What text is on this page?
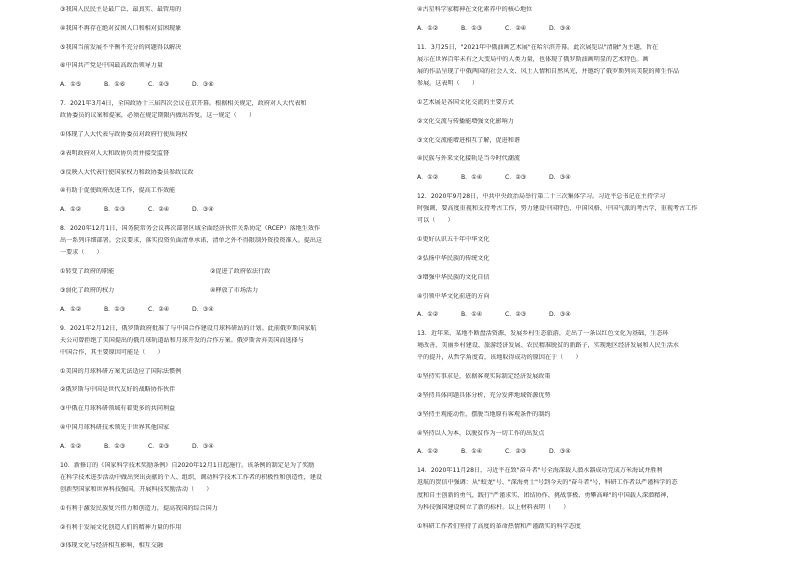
③我国人民民主是最广泛、最真实、最管用的
④我国不再存在绝对贫困人口和相对贫困现象
⑤我国当前发展不平衡不充分的问题得以解决
⑥中国共产党是中国最高政治领导力量
A．①⑤	B．①⑥	C．②③	D．③⑥
7．2021年3月4日，全国政协十三届四次会议在京开幕。根据相关规定，政府对人大代表和
政协委员的议案和提案，必须在规定期限内做出答复。这一规定（　　）
①体现了人大代表与政协委员对政府行使质询权
②表明政府对人大和政协负责并接受监督
③反映人大代表行使国家权力和政协委员参政议政
④有助于促使政府改进工作，提高工作效能
A．①②	B．①③	C．②④	D．③④
8．2020年12月1日，国务院常务会议再次部署区域全面经济伙伴关系协定（RCEP）落地生效作
出一系列详细部署。会议要求，落实投资负面清单承诺，清单之外不得限制外资投资准入。提出这
一要求（　　）
①转变了政府的职能	②促进了政府依法行政
③弱化了政府的权力	④释放了市场活力
A．①②	B．①③	C．②④	D．③④
9．2021年2月12日，俄罗斯政府批准了与中国合作建设月球科研站的计划。此前俄罗斯国家航
天公司曾拒绝了美国提出的俄月球轨道站和月球开发的合作方案。俄罗斯舍弃美国而选择与
中国合作，其主要原因可能是（　　）
①美国的月球科研方案无法适应了国际法惯例
②俄罗斯与中国是世代友好的战略协作伙伴
③中俄在月球科研领域有着更多的共同利益
④中国月球科研技术领先于世界其他国家
A．①②	B．①③	C．②③	D．③④
10．新修订的《国家科学技术奖励条例》自2020年12月1日起施行。该条例的制定是为了奖励
在科学技术进步活动中做出突出贡献的个人、组织，调动科学技术工作者的积极性和创造性，建设
创新型国家和世界科技强国。开展科技奖励活动（　　）
①有利于激发民族复兴伟力和创造力，提高我国的综合国力
②有利于发展文化创造人们的精神力量的作用
③体现文化与经济相互影响，相互交融
④古星科学家精神在文化素养中的核心地位
A．①②	B．①③	C．②④	D．③④
11．3月25日，"2021年中俄油画艺术展"在哈尔滨开幕。此次展览以"清融"为主题，旨在
展示在世界百年未有之大变局中的人类力量，也体现了俄罗斯油画明显的艺术特色。画
展的作品呈现了中俄两国的社会人文、风土人情和自然风光，并邀约了俄罗斯列宾美院的师生作品
参展。这表明（　　）
①艺术展是各国文化交流的主要方式
②文化交流与传播能增强文化影响力
③文化交流能增进相互了解，促进和谐
④民族与外来文化接轨是当今时代潮流
A．①②	B．①④	C．②③	D．③④
12．2020年9月28日，中共中央政治局举行第二十三次集体学习。习近平总书记在主持学习
时强调，要高度重视和支持考古工作，努力建设中国特色、中国风格、中国气派的考古学，重视考古工作
可以（　　）
①更好认识五千年中华文化
②弘扬中华民族的传统文化
③增强中华民族的文化自信
④引领中华文化前进的方向
A．①②	B．①④	C．②③	D．③④
13．近年来，某地不断盘活资源，发展乡村生态旅游，走出了一条以红色文化为基础，生态环
境改善、美丽乡村建设、旅游经济发展、农民精准脱贫的新路子，实现地区经济发展和人民生活水
平的提升，从哲学角度看，该地取得成功的原因在于（　　）
①坚持实事求是，依据客观实际制定经济发展政策
②坚持具体问题具体分析，充分发挥地域资源优势
③坚持主观能动性，摆脱当地原有客观条件的制约
④坚持以人为本，以脱贫作为一切工作的出发点
A．①②	B．①④	C．②③	D．③④
14．2020年11月28日，习近平在致"奋斗者"号全海深载人潜水器成功完成万米海试并胜利
返航的贺信中强调：从"蛟龙"号、"深海勇士"号到今天的"奋斗者"号，科研工作者以严谨科学的态
度和自主创新的勇气，践行"严谨求实、团结协作、挑战事极、勇攀高峰"的中国载人深潜精神，
为科技强国建设树立了新的标杆。以上材料表明（　　）
①科研工作者们坚持了高度的革命热情和严谨踏实的科学态度
